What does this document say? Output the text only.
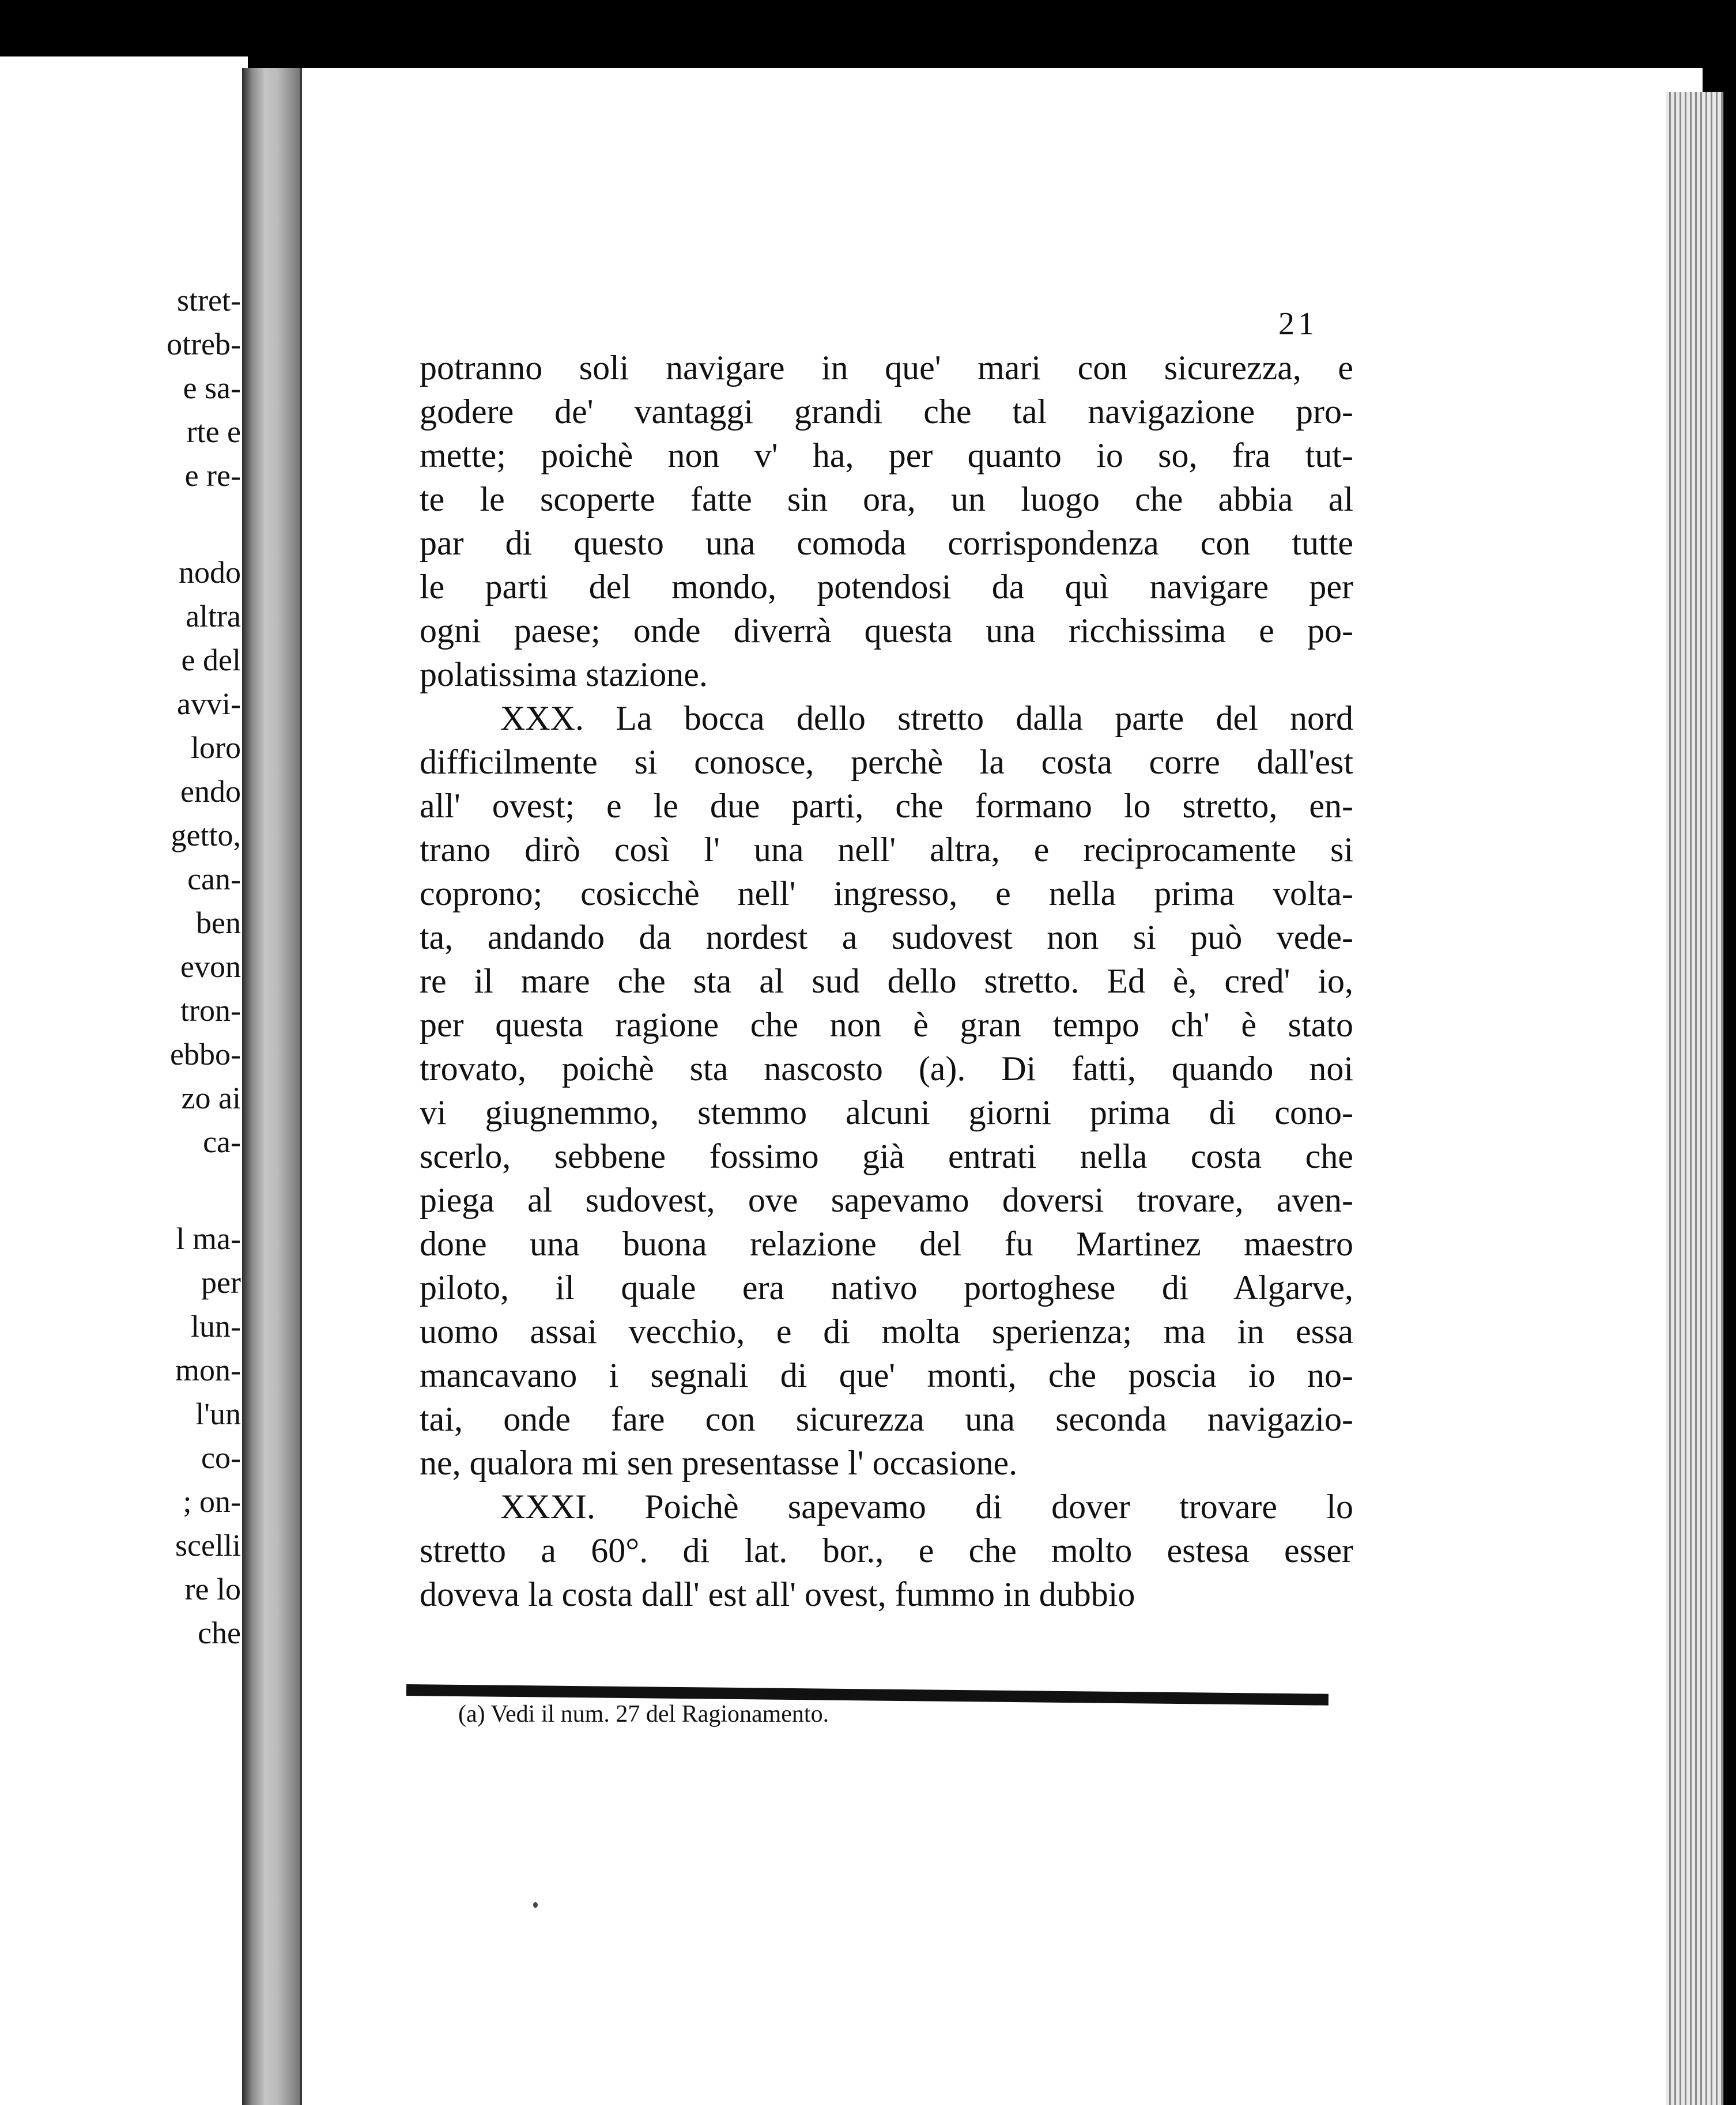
stret-
otreb-
e sa-
rte e
e re-
nodo
altra
e del
avvi-
loro
endo
getto,
can-
ben
evon
tron-
ebbo-
zo ai
ca-
l ma-
per
lun-
mon-
l'un
co-
; on-
scelli
re lo
che
21
potranno soli navigare in que' mari con sicurezza, e
godere de' vantaggi grandi che tal navigazione pro-
mette; poichè non v' ha, per quanto io so, fra tut-
te le scoperte fatte sin ora, un luogo che abbia al
par di questo una comoda corrispondenza con tutte
le parti del mondo, potendosi da quì navigare per
ogni paese; onde diverrà questa una ricchissima e po-
polatissima stazione.
XXX. La bocca dello stretto dalla parte del nord
difficilmente si conosce, perchè la costa corre dall'est
all' ovest; e le due parti, che formano lo stretto, en-
trano dirò così l' una nell' altra, e reciprocamente si
coprono; cosicchè nell' ingresso, e nella prima volta-
ta, andando da nordest a sudovest non si può vede-
re il mare che sta al sud dello stretto. Ed è, cred' io,
per questa ragione che non è gran tempo ch' è stato
trovato, poichè sta nascosto (a). Di fatti, quando noi
vi giugnemmo, stemmo alcuni giorni prima di cono-
scerlo, sebbene fossimo già entrati nella costa che
piega al sudovest, ove sapevamo doversi trovare, aven-
done una buona relazione del fu Martinez maestro
piloto, il quale era nativo portoghese di Algarve,
uomo assai vecchio, e di molta sperienza; ma in essa
mancavano i segnali di que' monti, che poscia io no-
tai, onde fare con sicurezza una seconda navigazio-
ne, qualora mi sen presentasse l' occasione.
XXXI. Poichè sapevamo di dover trovare lo
stretto a 60°. di lat. bor., e che molto estesa esser
doveva la costa dall' est all' ovest, fummo in dubbio
(a) Vedi il num. 27 del Ragionamento.
